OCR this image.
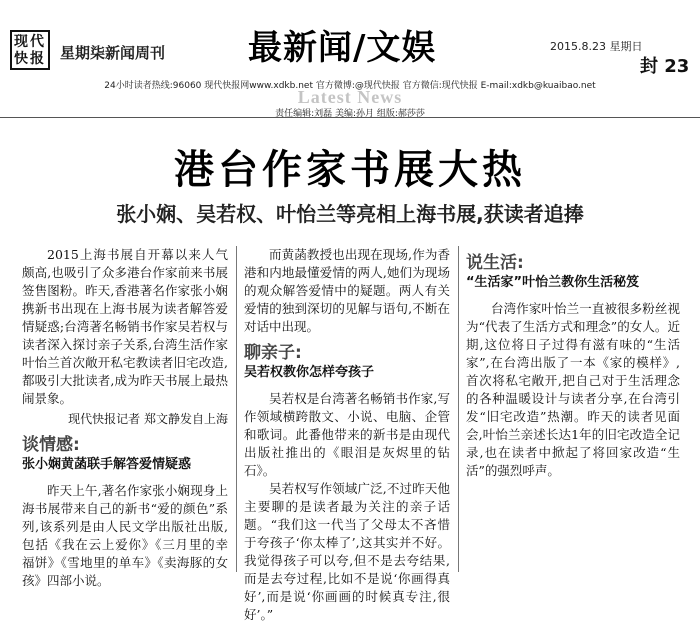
现代快报 星期柒新闻周刊 最新闻/文娱	2015.8.23 星期日
封 23
24小时读者热线:96060 现代快报网www.xdkb.net 官方微博:@现代快报 官方微信:现代快报 E-mail:xdkb@kuaibao.net
Latest News
责任编辑:刘磊 美编:孙月 组版:郝莎莎
港台作家书展大热
张小娴、吴若权、叶怡兰等亮相上海书展,获读者追捧

2015上海书展自开幕以来人气颇高,也吸引了众多港台作家前来书展签售图粉。昨天,香港著名作家张小娴携新书出现在上海书展为读者解答爱情疑惑;台湾著名畅销书作家吴若权与读者深入探讨亲子关系,台湾生活作家叶怡兰首次敞开私宅教读者旧宅改造,都吸引大批读者,成为昨天书展上最热闹景象。

现代快报记者 郑文静发自上海
谈情感:
张小娴黄菡联手解答爱情疑惑

昨天上午,著名作家张小娴现身上海书展带来自己的新书“爱的颜色”系列,该系列是由人民文学出版社出版,包括《我在云上爱你》《三月里的幸福饼》《雪地里的单车》《卖海豚的女孩》四部小说。

而黄菡教授也出现在现场,作为香港和内地最懂爱情的两人,她们为现场的观众解答爱情中的疑题。两人有关爱情的独到深切的见解与语句,不断在对话中出现。

聊亲子:
吴若权教你怎样夸孩子

吴若权是台湾著名畅销书作家,写作领域横跨散文、小说、电脑、企管和歌词。此番他带来的新书是由现代出版社推出的《眼泪是灰烬里的钻石》。

吴若权写作领域广泛,不过昨天他主要聊的是读者最为关注的亲子话题。“我们这一代当了父母太不吝惜于夸孩子‘你太棒了’,这其实并不好。我觉得孩子可以夸,但不是去夸结果,而是去夸过程,比如不是说‘你画得真好’,而是说‘你画画的时候真专注,很好’。”

说生活:
“生活家”叶怡兰教你生活秘笈

台湾作家叶怡兰一直被很多粉丝视为“代表了生活方式和理念”的女人。近期,这位将日子过得有滋有味的“生活家”,在台湾出版了一本《家的模样》,首次将私宅敞开,把自己对于生活理念的各种温暖设计与读者分享,在台湾引发“旧宅改造”热潮。昨天的读者见面会,叶怡兰亲述长达1年的旧宅改造全记录,也在读者中掀起了将回家改造“生活”的强烈呼声。
